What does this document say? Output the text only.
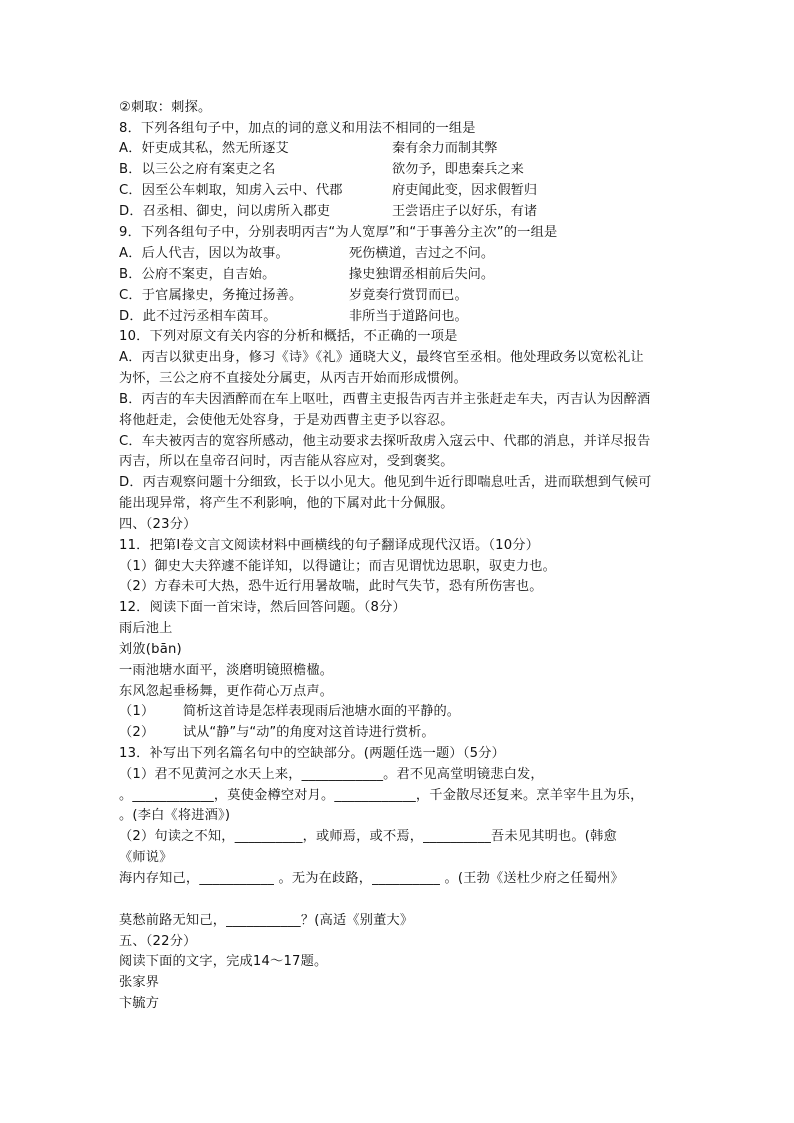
②刺取：刺探。
8．下列各组句子中，加点的词的意义和用法不相同的一组是
A．奸吏成其私，然无所逐艾	秦有余力而制其弊
B．以三公之府有案吏之名	欲勿予，即患秦兵之来
C．因至公车刺取，知虏入云中、代郡	府吏闻此变，因求假暂归
D．召丞相、御史，问以虏所入郡吏	王尝语庄子以好乐，有诸
9．下列各组句子中，分别表明丙吉“为人宽厚”和“于事善分主次”的一组是
A．后人代吉，因以为故事。	死伤横道，吉过之不问。
B．公府不案吏，自吉始。	掾史独谓丞相前后失问。
C．于官属掾史，务掩过扬善。	岁竟奏行赏罚而已。
D．此不过污丞相车茵耳。	非所当于道路问也。
10．下列对原文有关内容的分析和概括，不正确的一项是
A．丙吉以狱吏出身，修习《诗》《礼》通晓大义，最终官至丞相。他处理政务以宽松礼让
为怀，三公之府不直接处分属吏，从丙吉开始而形成惯例。
B．丙吉的车夫因酒醉而在车上呕吐，西曹主吏报告丙吉并主张赶走车夫，丙吉认为因醉酒
将他赶走，会使他无处容身，于是劝西曹主吏予以容忍。
C．车夫被丙吉的宽容所感动，他主动要求去探听敌虏入寇云中、代郡的消息，并详尽报告
丙吉，所以在皇帝召问时，丙吉能从容应对，受到褒奖。
D．丙吉观察问题十分细致，长于以小见大。他见到牛近行即喘息吐舌，进而联想到气候可
能出现异常，将产生不利影响，他的下属对此十分佩服。
四、（23分）
11．把第Ⅰ卷文言文阅读材料中画横线的句子翻译成现代汉语。（10分）
（1）御史大夫猝遽不能详知，以得谴让；而吉见谓忧边思职，驭吏力也。
（2）方春未可大热，恐牛近行用暑故喘，此时气失节，恐有所伤害也。
12．阅读下面一首宋诗，然后回答问题。（8分）
雨后池上
刘攽(bān)
一雨池塘水面平，淡磨明镜照檐楹。
东风忽起垂杨舞，更作荷心万点声。
（1） 简析这首诗是怎样表现雨后池塘水面的平静的。
（2） 试从“静”与“动”的角度对这首诗进行赏析。
13．补写出下列名篇名句中的空缺部分。(两题任选一题）（5分）
（1）君不见黄河之水天上来，____________。君不见高堂明镜悲白发，
。____________，莫使金樽空对月。____________，千金散尽还复来。烹羊宰牛且为乐，
。(李白《将进酒》)
（2）句读之不知，__________，或师焉，或不焉，__________吾未见其明也。(韩愈
《师说》
海内存知己，___________ 。无为在歧路，__________ 。(王勃《送杜少府之任蜀州》
莫愁前路无知己，___________？(高适《别董大》
五、（22分）
阅读下面的文字，完成14～17题。
张家界
卞毓方
